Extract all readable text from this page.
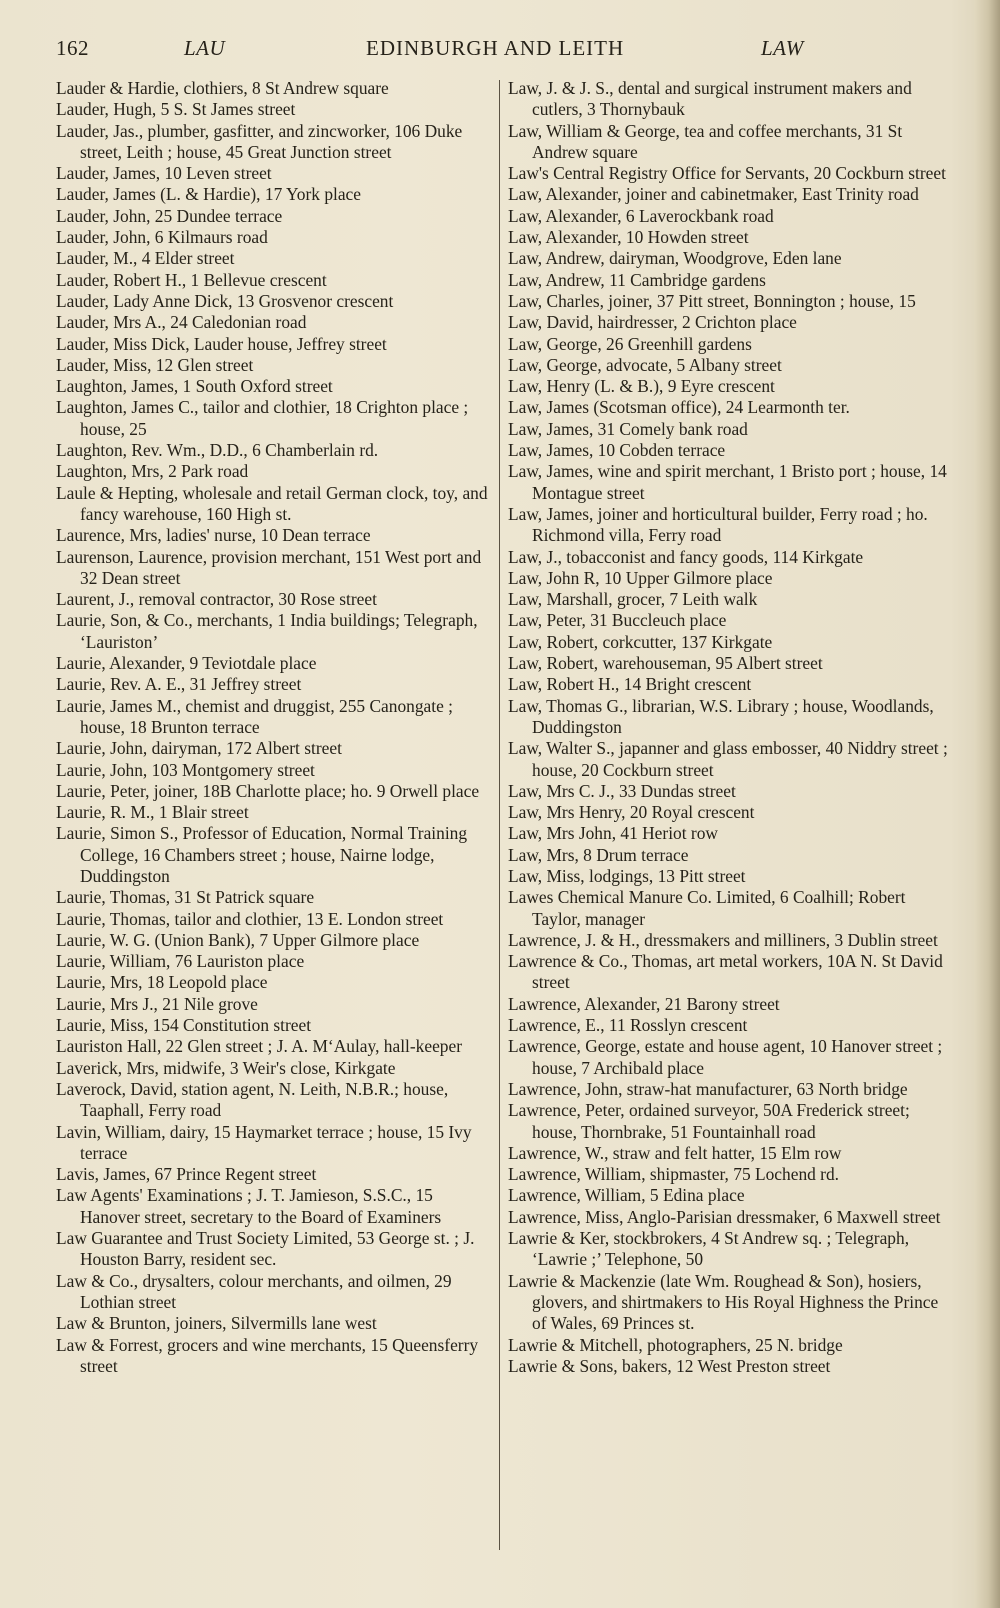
162	LAU	EDINBURGH AND LEITH	LAW

Lauder & Hardie, clothiers, 8 St Andrew square

Lauder, Hugh, 5 S. St James street

Lauder, Jas., plumber, gasfitter, and zincworker, 106 Duke street, Leith ; house, 45 Great Junction street

Lauder, James, 10 Leven street

Lauder, James (L. & Hardie), 17 York place

Lauder, John, 25 Dundee terrace

Lauder, John, 6 Kilmaurs road

Lauder, M., 4 Elder street

Lauder, Robert H., 1 Bellevue crescent

Lauder, Lady Anne Dick, 13 Grosvenor crescent

Lauder, Mrs A., 24 Caledonian road

Lauder, Miss Dick, Lauder house, Jeffrey street

Lauder, Miss, 12 Glen street

Laughton, James, 1 South Oxford street

Laughton, James C., tailor and clothier, 18 Crighton place ; house, 25

Laughton, Rev. Wm., D.D., 6 Chamberlain rd.

Laughton, Mrs, 2 Park road

Laule & Hepting, wholesale and retail German clock, toy, and fancy warehouse, 160 High st.

Laurence, Mrs, ladies' nurse, 10 Dean terrace

Laurenson, Laurence, provision merchant, 151 West port and 32 Dean street

Laurent, J., removal contractor, 30 Rose street

Laurie, Son, & Co., merchants, 1 India buildings; Telegraph, ‘Lauriston’

Laurie, Alexander, 9 Teviotdale place

Laurie, Rev. A. E., 31 Jeffrey street

Laurie, James M., chemist and druggist, 255 Canongate ; house, 18 Brunton terrace

Laurie, John, dairyman, 172 Albert street

Laurie, John, 103 Montgomery street

Laurie, Peter, joiner, 18B Charlotte place; ho. 9 Orwell place

Laurie, R. M., 1 Blair street

Laurie, Simon S., Professor of Education, Normal Training College, 16 Chambers street ; house, Nairne lodge, Duddingston

Laurie, Thomas, 31 St Patrick square

Laurie, Thomas, tailor and clothier, 13 E. London street

Laurie, W. G. (Union Bank), 7 Upper Gilmore place

Laurie, William, 76 Lauriston place

Laurie, Mrs, 18 Leopold place

Laurie, Mrs J., 21 Nile grove

Laurie, Miss, 154 Constitution street

Lauriston Hall, 22 Glen street ; J. A. M‘Aulay, hall-keeper

Laverick, Mrs, midwife, 3 Weir's close, Kirkgate

Laverock, David, station agent, N. Leith, N.B.R.; house, Taaphall, Ferry road

Lavin, William, dairy, 15 Haymarket terrace ; house, 15 Ivy terrace

Lavis, James, 67 Prince Regent street

Law Agents' Examinations ; J. T. Jamieson, S.S.C., 15 Hanover street, secretary to the Board of Examiners

Law Guarantee and Trust Society Limited, 53 George st. ; J. Houston Barry, resident sec.

Law & Co., drysalters, colour merchants, and oilmen, 29 Lothian street

Law & Brunton, joiners, Silvermills lane west

Law & Forrest, grocers and wine merchants, 15 Queensferry street

Law, J. & J. S., dental and surgical instrument makers and cutlers, 3 Thornybauk

Law, William & George, tea and coffee merchants, 31 St Andrew square

Law's Central Registry Office for Servants, 20 Cockburn street

Law, Alexander, joiner and cabinetmaker, East Trinity road

Law, Alexander, 6 Laverockbank road

Law, Alexander, 10 Howden street

Law, Andrew, dairyman, Woodgrove, Eden lane

Law, Andrew, 11 Cambridge gardens

Law, Charles, joiner, 37 Pitt street, Bonnington ; house, 15

Law, David, hairdresser, 2 Crichton place

Law, George, 26 Greenhill gardens

Law, George, advocate, 5 Albany street

Law, Henry (L. & B.), 9 Eyre crescent

Law, James (Scotsman office), 24 Learmonth ter.

Law, James, 31 Comely bank road

Law, James, 10 Cobden terrace

Law, James, wine and spirit merchant, 1 Bristo port ; house, 14 Montague street

Law, James, joiner and horticultural builder, Ferry road ; ho. Richmond villa, Ferry road

Law, J., tobacconist and fancy goods, 114 Kirkgate

Law, John R, 10 Upper Gilmore place

Law, Marshall, grocer, 7 Leith walk

Law, Peter, 31 Buccleuch place

Law, Robert, corkcutter, 137 Kirkgate

Law, Robert, warehouseman, 95 Albert street

Law, Robert H., 14 Bright crescent

Law, Thomas G., librarian, W.S. Library ; house, Woodlands, Duddingston

Law, Walter S., japanner and glass embosser, 40 Niddry street ; house, 20 Cockburn street

Law, Mrs C. J., 33 Dundas street

Law, Mrs Henry, 20 Royal crescent

Law, Mrs John, 41 Heriot row

Law, Mrs, 8 Drum terrace

Law, Miss, lodgings, 13 Pitt street

Lawes Chemical Manure Co. Limited, 6 Coalhill; Robert Taylor, manager

Lawrence, J. & H., dressmakers and milliners, 3 Dublin street

Lawrence & Co., Thomas, art metal workers, 10A N. St David street

Lawrence, Alexander, 21 Barony street

Lawrence, E., 11 Rosslyn crescent

Lawrence, George, estate and house agent, 10 Hanover street ; house, 7 Archibald place

Lawrence, John, straw-hat manufacturer, 63 North bridge

Lawrence, Peter, ordained surveyor, 50A Frederick street; house, Thornbrake, 51 Fountainhall road

Lawrence, W., straw and felt hatter, 15 Elm row

Lawrence, William, shipmaster, 75 Lochend rd.

Lawrence, William, 5 Edina place

Lawrence, Miss, Anglo-Parisian dressmaker, 6 Maxwell street

Lawrie & Ker, stockbrokers, 4 St Andrew sq. ; Telegraph, ‘Lawrie ;’ Telephone, 50

Lawrie & Mackenzie (late Wm. Roughead & Son), hosiers, glovers, and shirtmakers to His Royal Highness the Prince of Wales, 69 Princes st.

Lawrie & Mitchell, photographers, 25 N. bridge

Lawrie & Sons, bakers, 12 West Preston street
